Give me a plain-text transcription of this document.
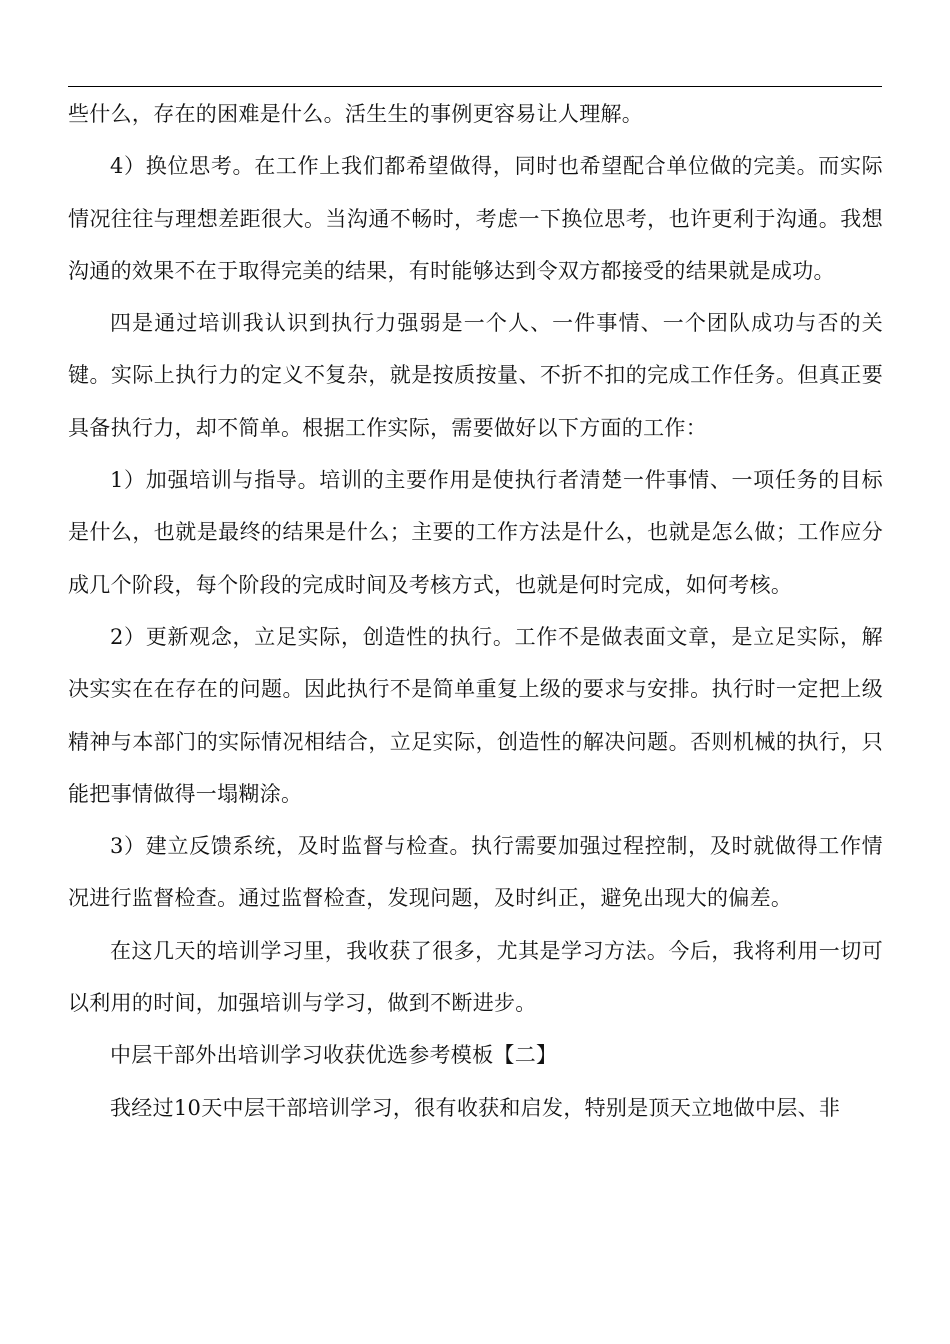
些什么，存在的困难是什么。活生生的事例更容易让人理解。

4）换位思考。在工作上我们都希望做得，同时也希望配合单位做的完美。而实际情况往往与理想差距很大。当沟通不畅时，考虑一下换位思考，也许更利于沟通。我想沟通的效果不在于取得完美的结果，有时能够达到令双方都接受的结果就是成功。

四是通过培训我认识到执行力强弱是一个人、一件事情、一个团队成功与否的关键。实际上执行力的定义不复杂，就是按质按量、不折不扣的完成工作任务。但真正要具备执行力，却不简单。根据工作实际，需要做好以下方面的工作：

1）加强培训与指导。培训的主要作用是使执行者清楚一件事情、一项任务的目标是什么，也就是最终的结果是什么；主要的工作方法是什么，也就是怎么做；工作应分成几个阶段，每个阶段的完成时间及考核方式，也就是何时完成，如何考核。

2）更新观念，立足实际，创造性的执行。工作不是做表面文章，是立足实际，解决实实在在存在的问题。因此执行不是简单重复上级的要求与安排。执行时一定把上级精神与本部门的实际情况相结合，立足实际，创造性的解决问题。否则机械的执行，只能把事情做得一塌糊涂。

3）建立反馈系统，及时监督与检查。执行需要加强过程控制，及时就做得工作情况进行监督检查。通过监督检查，发现问题，及时纠正，避免出现大的偏差。

在这几天的培训学习里，我收获了很多，尤其是学习方法。今后，我将利用一切可以利用的时间，加强培训与学习，做到不断进步。

中层干部外出培训学习收获优选参考模板【二】

我经过10天中层干部培训学习，很有收获和启发，特别是顶天立地做中层、非
